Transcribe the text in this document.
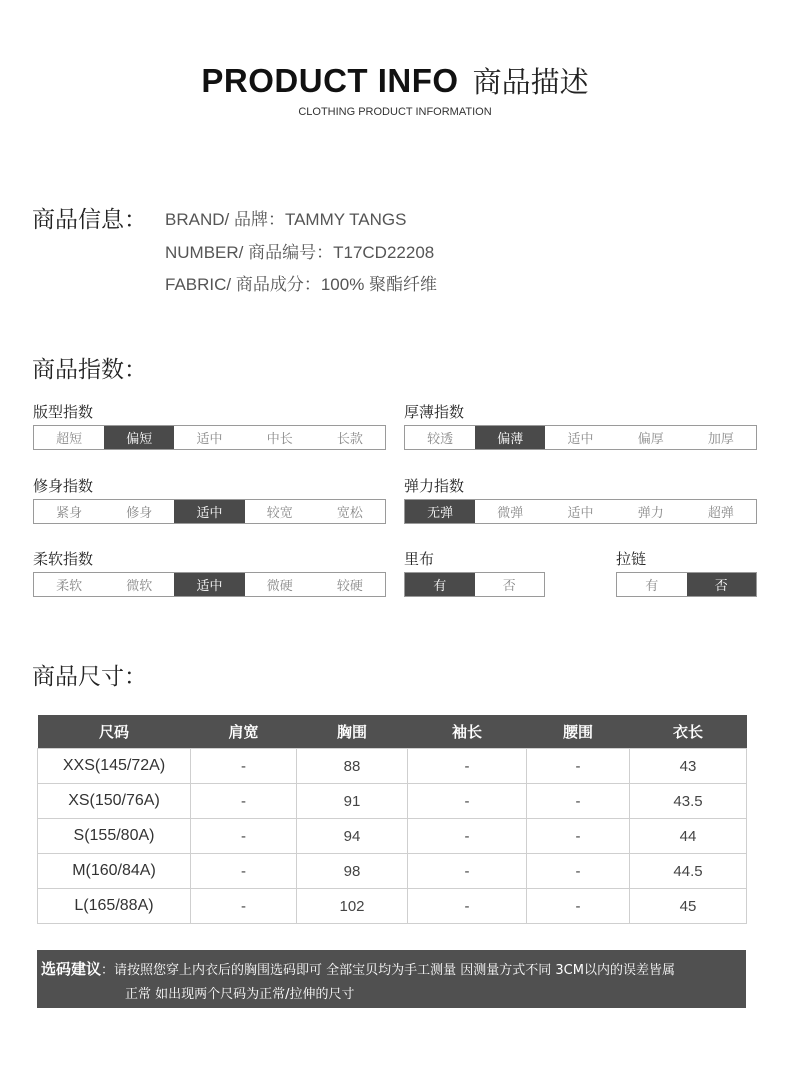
PRODUCT INFO 商品描述
CLOTHING PRODUCT INFORMATION
商品信息： BRAND/ 品牌：TAMMY TANGS
NUMBER/ 商品编号：T17CD22208
FABRIC/ 商品成分：100% 聚酯纤维
商品指数：
版型指数
超短	偏短	适中	中长	长款
厚薄指数
较透	偏薄	适中	偏厚	加厚
修身指数
紧身	修身	适中	较宽	宽松
弹力指数
无弹	微弹	适中	弹力	超弹
柔软指数
柔软	微软	适中	微硬	较硬
里布
有	否
拉链
有	否
商品尺寸：
尺码	肩宽	胸围	袖长	腰围	衣长
XXS(145/72A)	-	88	-	-	43
XS(150/76A)	-	91	-	-	43.5
S(155/80A)	-	94	-	-	44
M(160/84A)	-	98	-	-	44.5
L(165/88A)	-	102	-	-	45
选码建议：请按照您穿上内衣后的胸围选码即可 全部宝贝均为手工测量 因测量方式不同 3CM以内的误差皆属
正常 如出现两个尺码为正常/拉伸的尺寸
